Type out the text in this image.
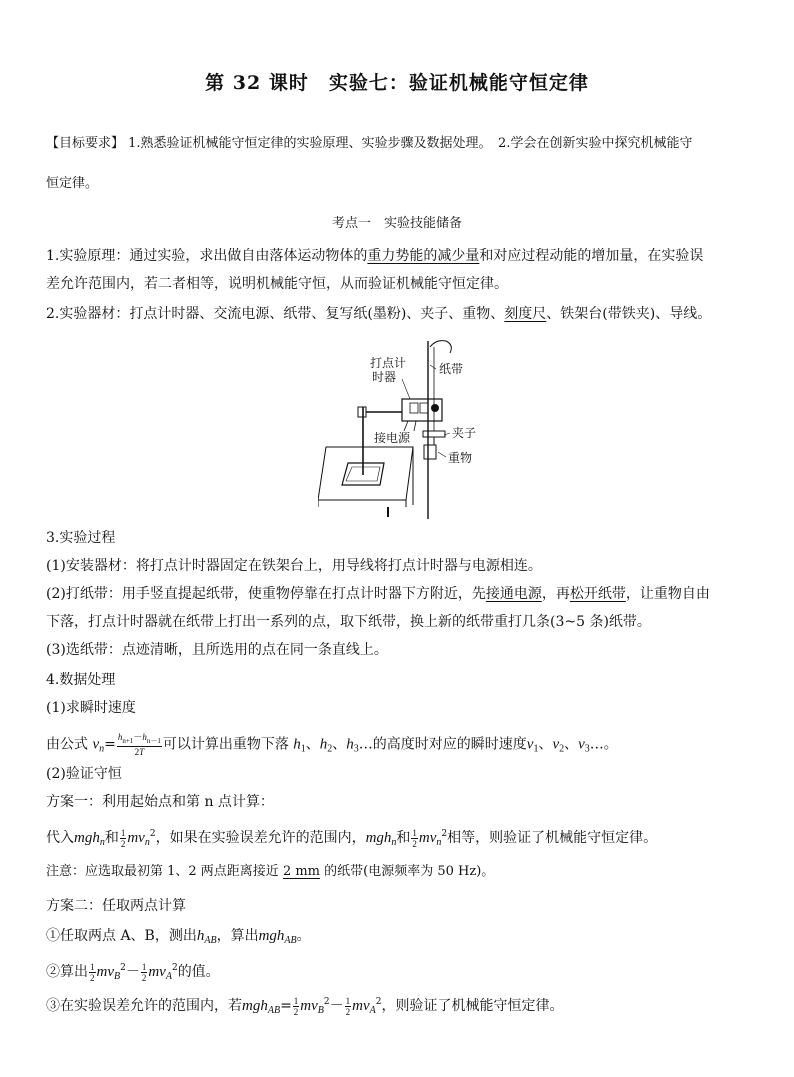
第 32 课时　实验七：验证机械能守恒定律
【目标要求】 1.熟悉验证机械能守恒定律的实验原理、实验步骤及数据处理。　2.学会在创新实验中探究机械能守
恒定律。
考点一　实验技能储备
1.实验原理：通过实验，求出做自由落体运动物体的重力势能的减少量和对应过程动能的增加量，在实验误
差允许范围内，若二者相等，说明机械能守恒，从而验证机械能守恒定律。
2.实验器材：打点计时器、交流电源、纸带、复写纸(墨粉)、夹子、重物、刻度尺、铁架台(带铁夹)、导线。
打点计
时器
纸带
接电源	夹子
重物
3.实验过程
(1)安装器材：将打点计时器固定在铁架台上，用导线将打点计时器与电源相连。
(2)打纸带：用手竖直提起纸带，使重物停靠在打点计时器下方附近，先接通电源，再松开纸带，让重物自由
下落，打点计时器就在纸带上打出一系列的点，取下纸带，换上新的纸带重打几条(3~5 条)纸带。
(3)选纸带：点迹清晰，且所选用的点在同一条直线上。
4.数据处理
(1)求瞬时速度
由公式 $v_n= \frac{h_{n+1}-h_{n-1}}{2T}$ 可以计算出重物下落 $h_1$、$h_2$、$h_3\dots$的高度时对应的瞬时速度$v_1$、$v_2$、$v_3\dots$。
(2)验证守恒
方案一：利用起始点和第 n 点计算：
代入mgh$_n$和 $\frac{1}{2} mv_n^2$，如果在实验误差允许的范围内，mgh$_n$和 $\frac{1}{2} mv_n^2$相等，则验证了机械能守恒定律。
注意：应选取最初第 1、2 两点距离接近 2 mm 的纸带(电源频率为 50 Hz)。
方案二：任取两点计算
①任取两点 A、B，测出$h_{AB}$，算出mgh$_{AB}$。
②算出 $\frac{1}{2} mv_B^2- \frac{1}{2} mv_A^2$的值。
③在实验误差允许的范围内，若$mgh_{AB}= \frac{1}{2} mv_B^2- \frac{1}{2} mv_A^2$，则验证了机械能守恒定律。
